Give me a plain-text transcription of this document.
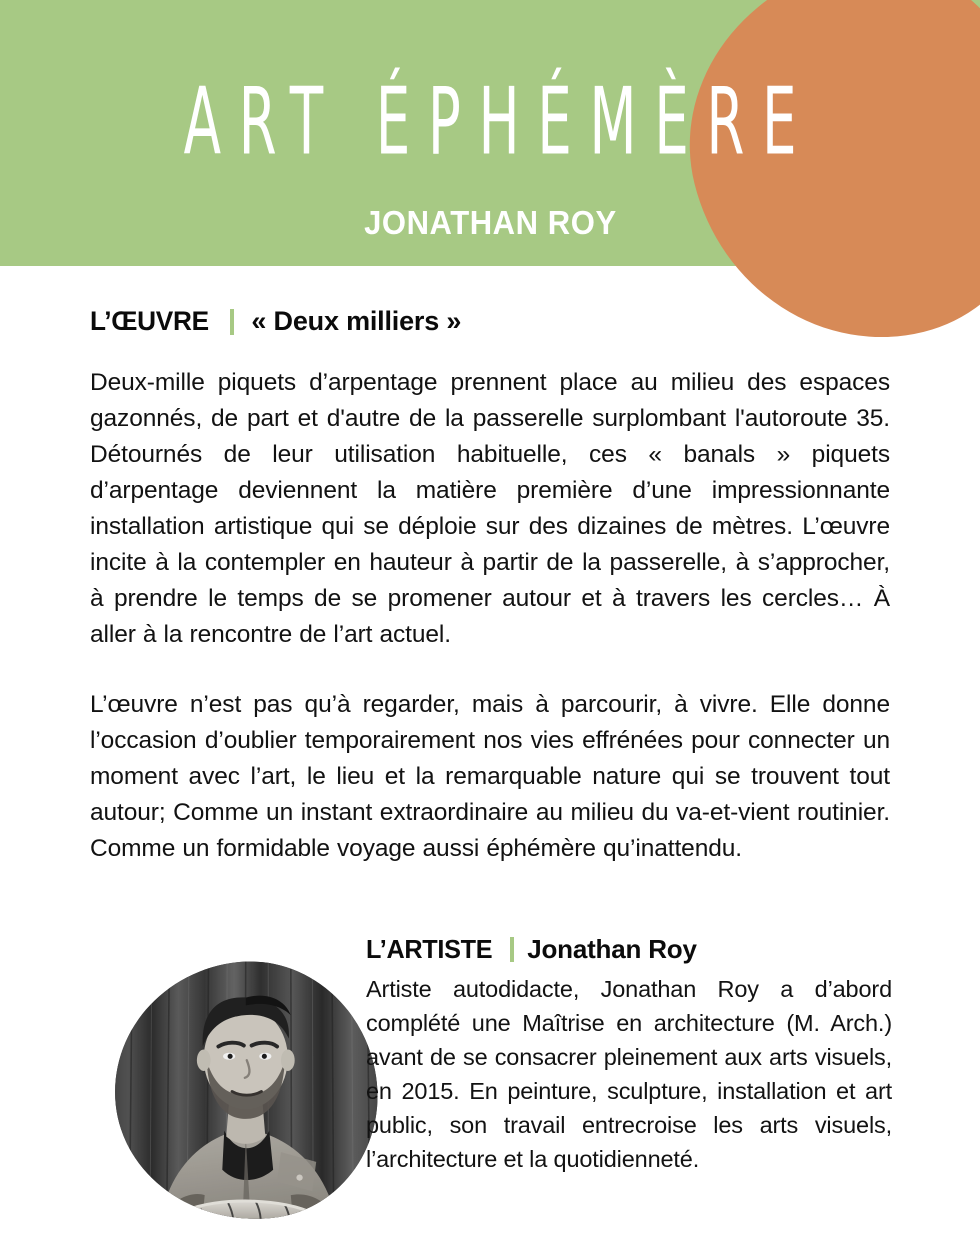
ART ÉPHÉMÈRE
JONATHAN ROY
L’ŒUVRE « Deux milliers »

Deux-mille piquets d’arpentage prennent place au milieu des espaces gazonnés, de part et d'autre de la passerelle surplombant l'autoroute 35. Détournés de leur utilisation habituelle, ces « banals » piquets d’arpentage deviennent la matière première d’une impressionnante installation artistique qui se déploie sur des dizaines de mètres. L’œuvre incite à la contempler en hauteur à partir de la passerelle, à s’approcher, à prendre le temps de se promener autour et à travers les cercles… À aller à la rencontre de l’art actuel.

L’œuvre n’est pas qu’à regarder, mais à parcourir, à vivre. Elle donne l’occasion d’oublier temporairement nos vies effrénées pour connecter un moment avec l’art, le lieu et la remarquable nature qui se trouvent tout autour; Comme un instant extraordinaire au milieu du va-et-vient routinier. Comme un formidable voyage aussi éphémère qu’inattendu.

L’ARTISTE Jonathan Roy

Artiste autodidacte, Jonathan Roy a d’abord complété une Maîtrise en architecture (M. Arch.) avant de se consacrer pleinement aux arts visuels, en 2015. En peinture, sculpture, installation et art public, son travail entrecroise les arts visuels, l’architecture et la quotidienneté.
